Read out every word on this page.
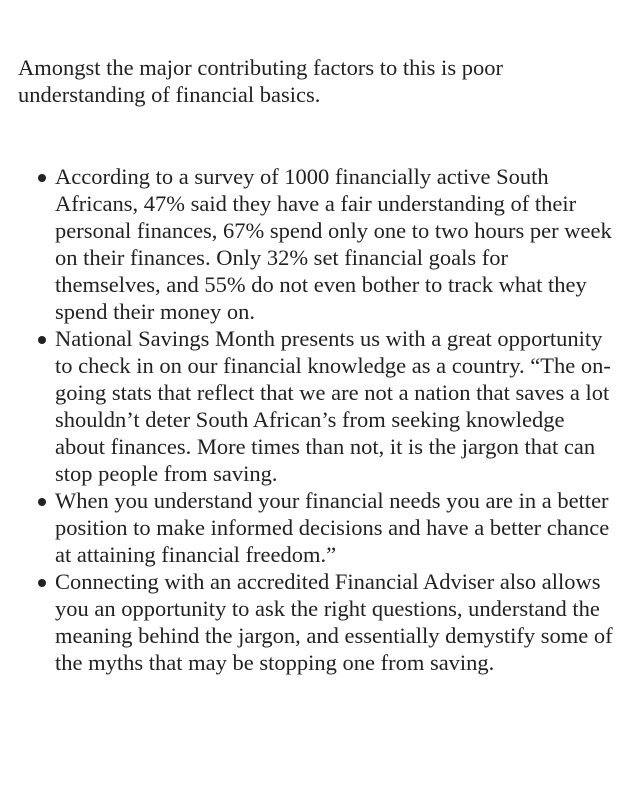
Amongst the major contributing factors to this is poor understanding of financial basics.

According to a survey of 1000 financially active South Africans, 47% said they have a fair understanding of their personal finances, 67% spend only one to two hours per week on their finances. Only 32% set financial goals for themselves, and 55% do not even bother to track what they spend their money on.
National Savings Month presents us with a great opportunity to check in on our financial knowledge as a country. “The on-going stats that reflect that we are not a nation that saves a lot shouldn’t deter South African’s from seeking knowledge about finances. More times than not, it is the jargon that can stop people from saving.
When you understand your financial needs you are in a better position to make informed decisions and have a better chance at attaining financial freedom.”
Connecting with an accredited Financial Adviser also allows you an opportunity to ask the right questions, understand the meaning behind the jargon, and essentially demystify some of the myths that may be stopping one from saving.
